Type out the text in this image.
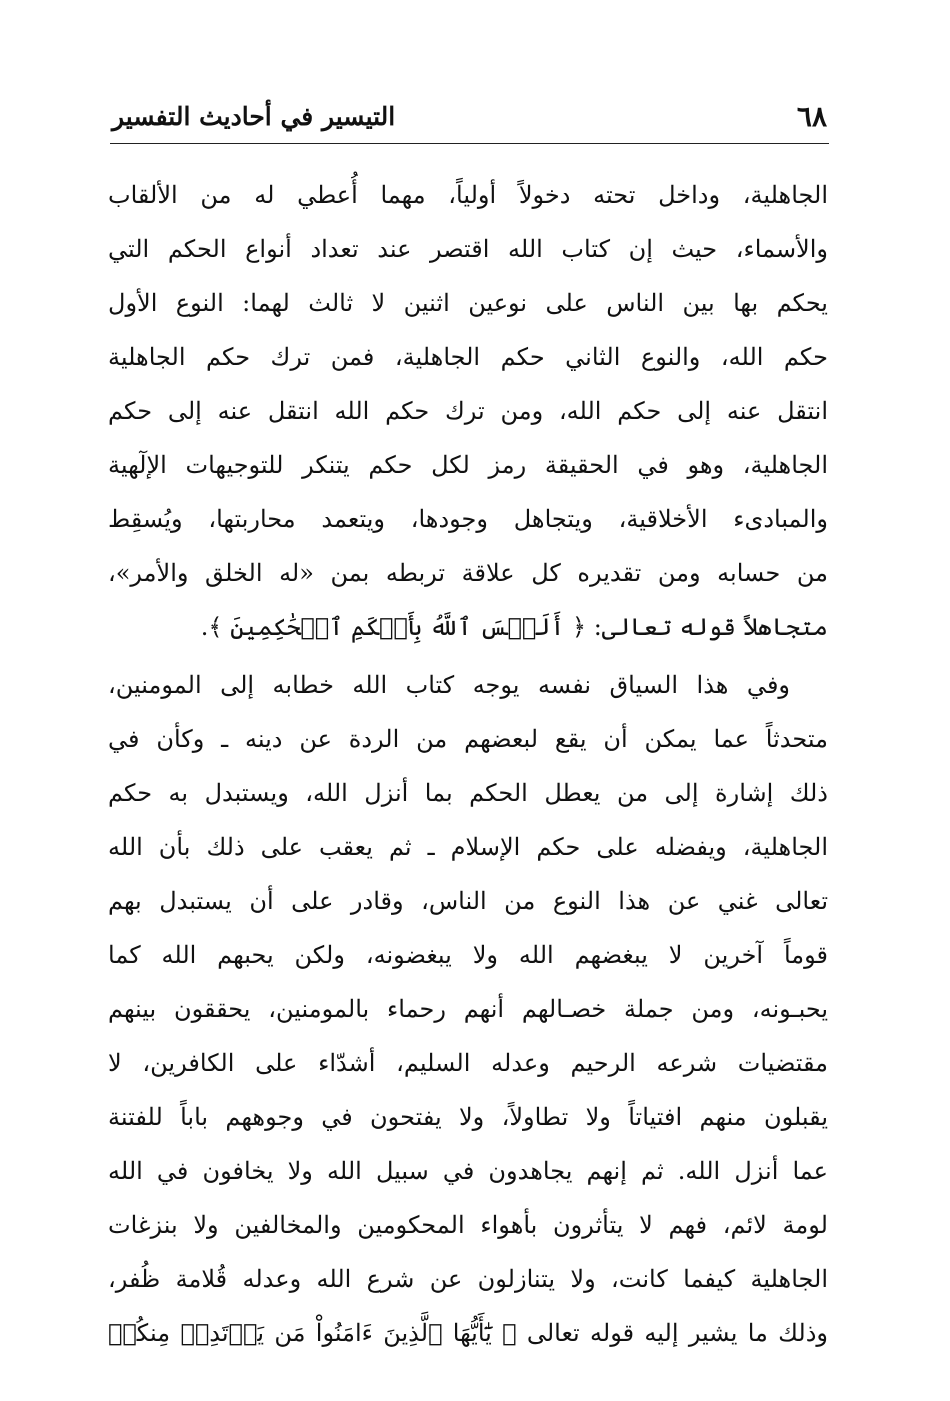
٦٨
التيسير في أحاديث التفسير
الجاهلية، وداخل تحته دخولاً أولياً، مهما أُعطي له من الألقاب
والأسماء، حيث إن كتاب الله اقتصر عند تعداد أنواع الحكم التي
يحكم بها بين الناس على نوعين اثنين لا ثالث لهما: النوع الأول
حكم الله، والنوع الثاني حكم الجاهلية، فمن ترك حكم الجاهلية
انتقل عنه إلى حكم الله، ومن ترك حكم الله انتقل عنه إلى حكم
الجاهلية، وهو في الحقيقة رمز لكل حكم يتنكر للتوجيهات الإلٓهية
والمبادىء الأخلاقية، ويتجاهل وجودها، ويتعمد محاربتها، ويُسقِط
من حسابه ومن تقديره كل علاقة تربطه بمن «له الخلق والأمر»،
متجاهلاً قوله تعالى: ﴿ أَلَيۡسَ ٱللَّهُ بِأَحۡكَمِ ٱلۡحَٰكِمِينَ ﴾.
وفي هذا السياق نفسه يوجه كتاب الله خطابه إلى المومنين،
متحدثاً عما يمكن أن يقع لبعضهم من الردة عن دينه ـ وكأن في
ذلك إشارة إلى من يعطل الحكم بما أنزل الله، ويستبدل به حكم
الجاهلية، ويفضله على حكم الإسلام ـ ثم يعقب على ذلك بأن الله
تعالى غني عن هذا النوع من الناس، وقادر على أن يستبدل بهم
قوماً آخرين لا يبغضهم الله ولا يبغضونه، ولكن يحبهم الله كما
يحبـونه، ومن جملة خصـالهم أنهم رحماء بالمومنين، يحققون بينهم
مقتضيات شرعه الرحيم وعدله السليم، أشدّاء على الكافرين، لا
يقبلون منهم افتياتاً ولا تطاولاً، ولا يفتحون في وجوههم باباً للفتنة
عما أنزل الله. ثم إنهم يجاهدون في سبيل الله ولا يخافون في الله
لومة لائم، فهم لا يتأثرون بأهواء المحكومين والمخالفين ولا بنزغات
الجاهلية كيفما كانت، ولا يتنازلون عن شرع الله وعدله قُلامة ظُفر،
وذلك ما يشير إليه قوله تعالى ﴿ يَٰٓأَيُّهَا ٱلَّذِينَ ءَامَنُواْ مَن يَرۡتَدِدۡ مِنكُمۡ
